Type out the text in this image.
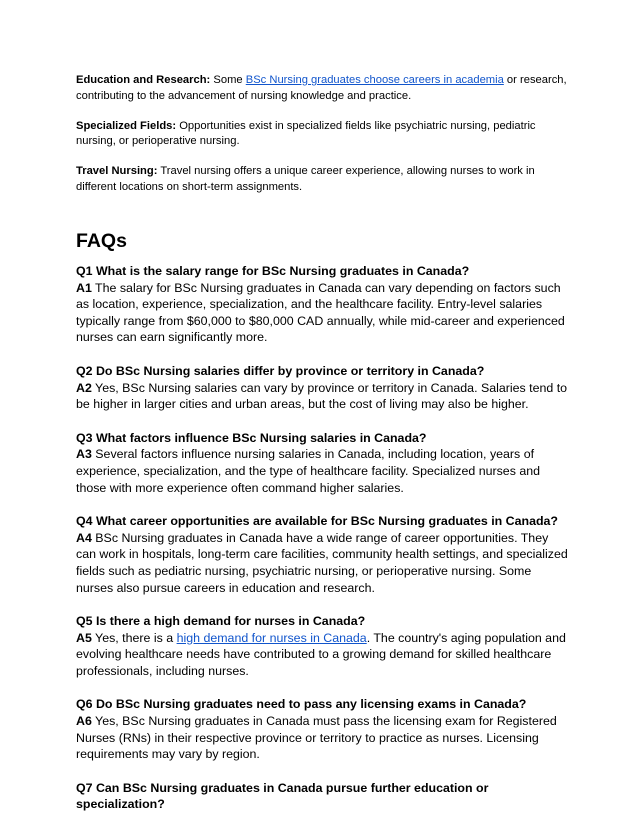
Education and Research: Some BSc Nursing graduates choose careers in academia or research, contributing to the advancement of nursing knowledge and practice.

Specialized Fields: Opportunities exist in specialized fields like psychiatric nursing, pediatric nursing, or perioperative nursing.

Travel Nursing: Travel nursing offers a unique career experience, allowing nurses to work in different locations on short-term assignments.

FAQs

Q1 What is the salary range for BSc Nursing graduates in Canada?

A1 The salary for BSc Nursing graduates in Canada can vary depending on factors such as location, experience, specialization, and the healthcare facility. Entry-level salaries typically range from $60,000 to $80,000 CAD annually, while mid-career and experienced nurses can earn significantly more.

Q2 Do BSc Nursing salaries differ by province or territory in Canada?

A2 Yes, BSc Nursing salaries can vary by province or territory in Canada. Salaries tend to be higher in larger cities and urban areas, but the cost of living may also be higher.

Q3 What factors influence BSc Nursing salaries in Canada?

A3 Several factors influence nursing salaries in Canada, including location, years of experience, specialization, and the type of healthcare facility. Specialized nurses and those with more experience often command higher salaries.

Q4 What career opportunities are available for BSc Nursing graduates in Canada?

A4 BSc Nursing graduates in Canada have a wide range of career opportunities. They can work in hospitals, long-term care facilities, community health settings, and specialized fields such as pediatric nursing, psychiatric nursing, or perioperative nursing. Some nurses also pursue careers in education and research.

Q5 Is there a high demand for nurses in Canada?

A5 Yes, there is a high demand for nurses in Canada. The country's aging population and evolving healthcare needs have contributed to a growing demand for skilled healthcare professionals, including nurses.

Q6 Do BSc Nursing graduates need to pass any licensing exams in Canada?

A6 Yes, BSc Nursing graduates in Canada must pass the licensing exam for Registered Nurses (RNs) in their respective province or territory to practice as nurses. Licensing requirements may vary by region.

Q7 Can BSc Nursing graduates in Canada pursue further education or specialization?
